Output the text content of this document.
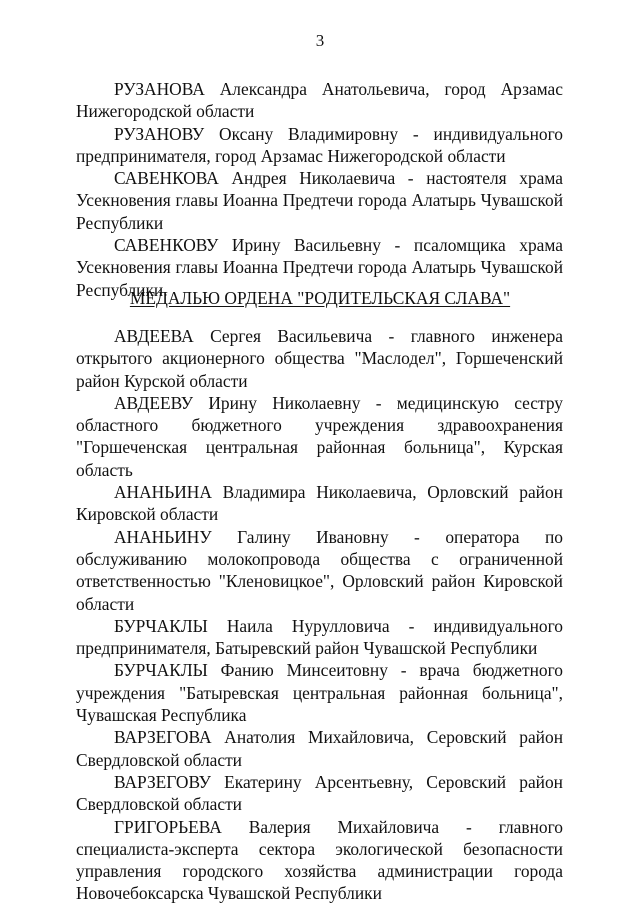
3

РУЗАНОВА Александра Анатольевича, город Арзамас Нижегородской области

РУЗАНОВУ Оксану Владимировну - индивидуального предпринимателя, город Арзамас Нижегородской области

САВЕНКОВА Андрея Николаевича - настоятеля храма Усекновения главы Иоанна Предтечи города Алатырь Чувашской Республики

САВЕНКОВУ Ирину Васильевну - псаломщика храма Усекновения главы Иоанна Предтечи города Алатырь Чувашской Республики.

МЕДАЛЬЮ ОРДЕНА "РОДИТЕЛЬСКАЯ СЛАВА"

АВДЕЕВА Сергея Васильевича - главного инженера открытого акционерного общества "Маслодел", Горшеченский район Курской области

АВДЕЕВУ Ирину Николаевну - медицинскую сестру областного бюджетного учреждения здравоохранения "Горшеченская центральная районная больница", Курская область

АНАНЬИНА Владимира Николаевича, Орловский район Кировской области

АНАНЬИНУ Галину Ивановну - оператора по обслуживанию молокопровода общества с ограниченной ответственностью "Кленовицкое", Орловский район Кировской области

БУРЧАКЛЫ Наила Нурулловича - индивидуального предпринимателя, Батыревский район Чувашской Республики

БУРЧАКЛЫ Фанию Минсеитовну - врача бюджетного учреждения "Батыревская центральная районная больница", Чувашская Республика

ВАРЗЕГОВА Анатолия Михайловича, Серовский район Свердловской области

ВАРЗЕГОВУ Екатерину Арсентьевну, Серовский район Свердловской области

ГРИГОРЬЕВА Валерия Михайловича - главного специалиста-эксперта сектора экологической безопасности управления городского хозяйства администрации города Новочебоксарска Чувашской Республики
